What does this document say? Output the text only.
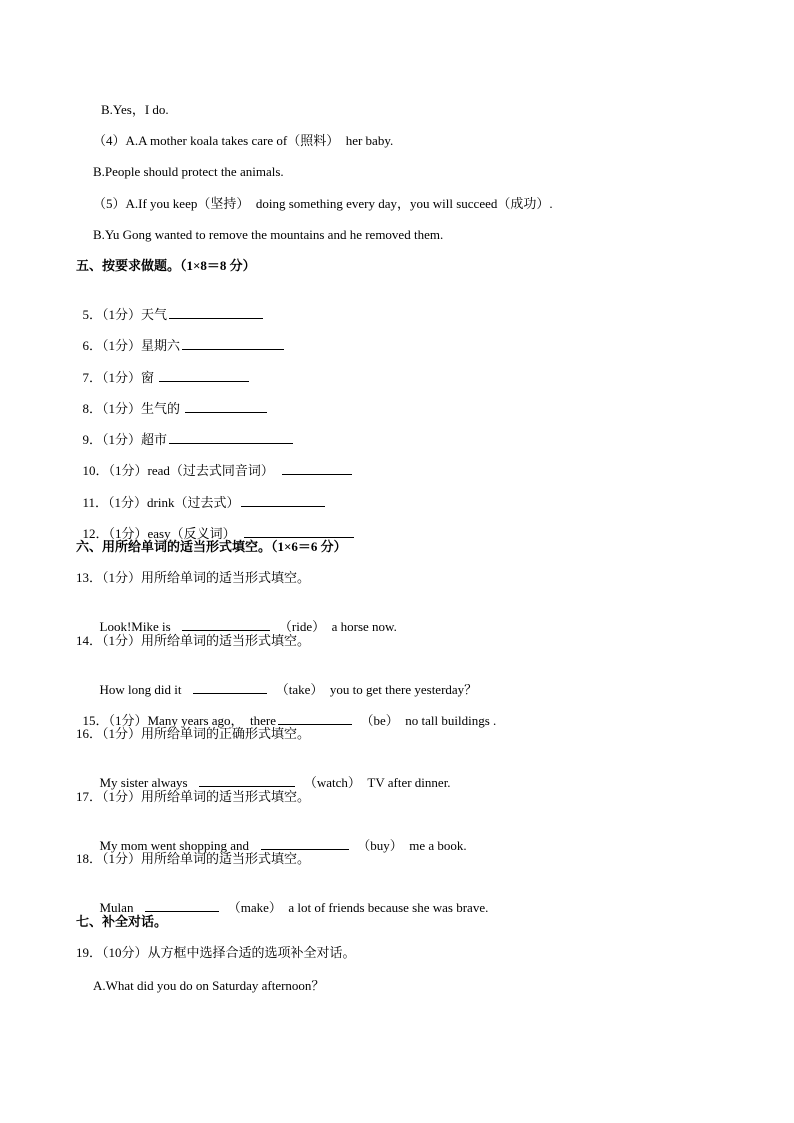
B.Yes，I do.
（4）A.A mother koala takes care of（照料）  her baby.
B.People should protect the animals.
（5）A.If you keep（坚持）  doing something every day，you will succeed（成功）.
B.Yu Gong wanted to remove the mountains and he removed them.
五、按要求做题。（1×8＝8 分）

5．（1分）天气

6．（1分）星期六

7．（1分）窗

8．（1分）生气的

9．（1分）超市

10．（1分）read（过去式同音词）

11．（1分）drink（过去式）

12．（1分）easy（反义词）

六、用所给单词的适当形式填空。（1×6＝6 分）
13．（1分）用所给单词的适当形式填空。

Look!Mike is	（ride）  a horse now.

14．（1分）用所给单词的适当形式填空。

How long did it	（take）  you to get there yesterday？

15．（1分）Many years ago，  there	（be）  no tall buildings .

16．（1分）用所给单词的正确形式填空。

My sister always	（watch）  TV after dinner.

17．（1分）用所给单词的适当形式填空。

My mom went shopping and	（buy）  me a book.

18．（1分）用所给单词的适当形式填空。

Mulan	（make）  a lot of friends because she was brave.

七、补全对话。
19．（10分）从方框中选择合适的选项补全对话。
A.What did you do on Saturday afternoon？
